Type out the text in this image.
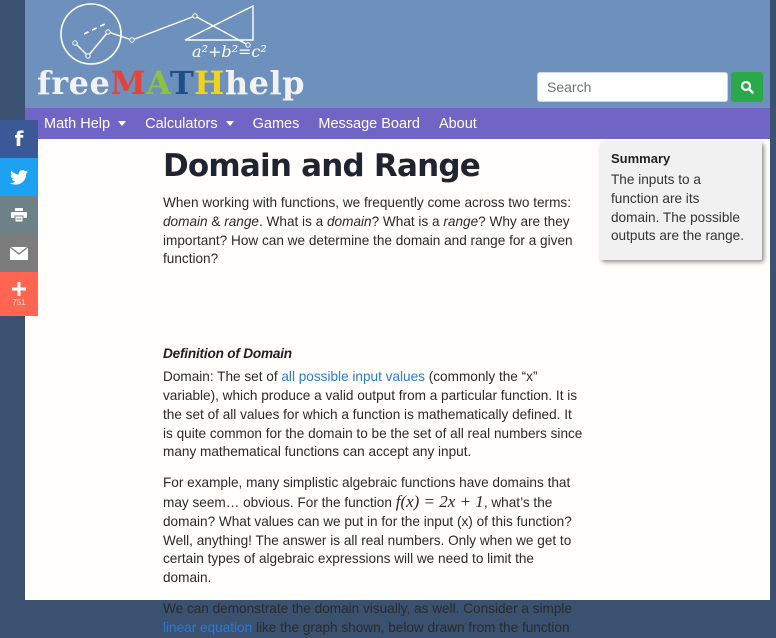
a²+b²=c²
freeMATHhelp
Search
Math Help Calculators Games Message Board About
Domain and Range

When working with functions, we frequently come across two terms: domain & range. What is a domain? What is a range? Why are they important? How can we determine the domain and range for a given function?

Definition of Domain

Domain: The set of all possible input values (commonly the “x” variable), which produce a valid output from a particular function. It is the set of all values for which a function is mathematically defined. It is quite common for the domain to be the set of all real numbers since many mathematical functions can accept any input.

For example, many simplistic algebraic functions have domains that may seem… obvious. For the function f(x) = 2x + 1, what’s the domain? What values can we put in for the input (x) of this function? Well, anything! The answer is all real numbers. Only when we get to certain types of algebraic expressions will we need to limit the domain.

We can demonstrate the domain visually, as well. Consider a simple linear equation like the graph shown, below drawn from the function

Summary
The inputs to a function are its domain. The possible outputs are the range.
f
751
